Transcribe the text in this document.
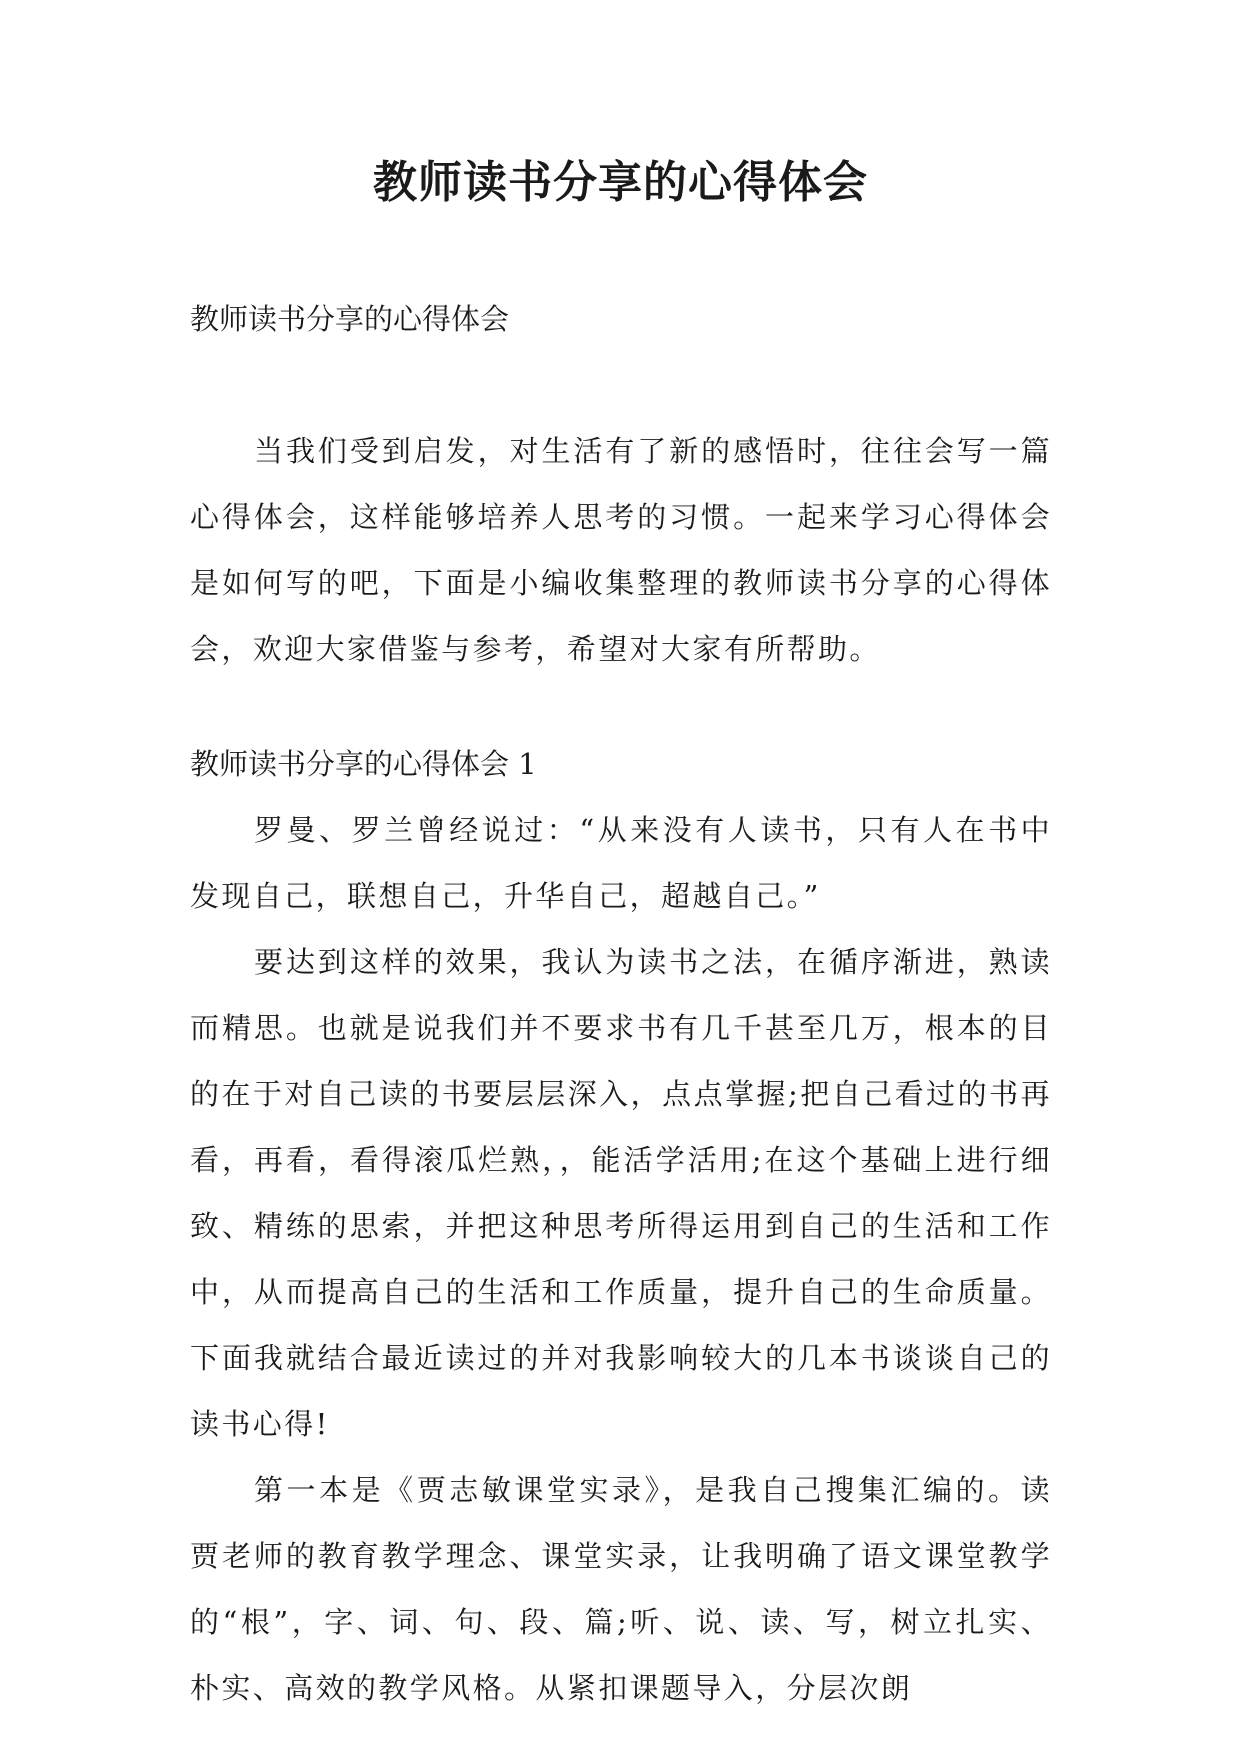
教师读书分享的心得体会

教师读书分享的心得体会

当我们受到启发，对生活有了新的感悟时，往往会写一篇心得体会，这样能够培养人思考的习惯。一起来学习心得体会是如何写的吧，下面是小编收集整理的教师读书分享的心得体会，欢迎大家借鉴与参考，希望对大家有所帮助。

教师读书分享的心得体会 1

罗曼、罗兰曾经说过：“从来没有人读书，只有人在书中发现自己，联想自己，升华自己，超越自己。”

要达到这样的效果，我认为读书之法，在循序渐进，熟读而精思。也就是说我们并不要求书有几千甚至几万，根本的目的在于对自己读的书要层层深入，点点掌握;把自己看过的书再看，再看，看得滚瓜烂熟，，能活学活用;在这个基础上进行细致、精练的思索，并把这种思考所得运用到自己的生活和工作中，从而提高自己的生活和工作质量，提升自己的生命质量。下面我就结合最近读过的并对我影响较大的几本书谈谈自己的读书心得!

第一本是《贾志敏课堂实录》，是我自己搜集汇编的。读贾老师的教育教学理念、课堂实录，让我明确了语文课堂教学的“根”，字、词、句、段、篇;听、说、读、写，树立扎实、朴实、高效的教学风格。从紧扣课题导入，分层次朗
